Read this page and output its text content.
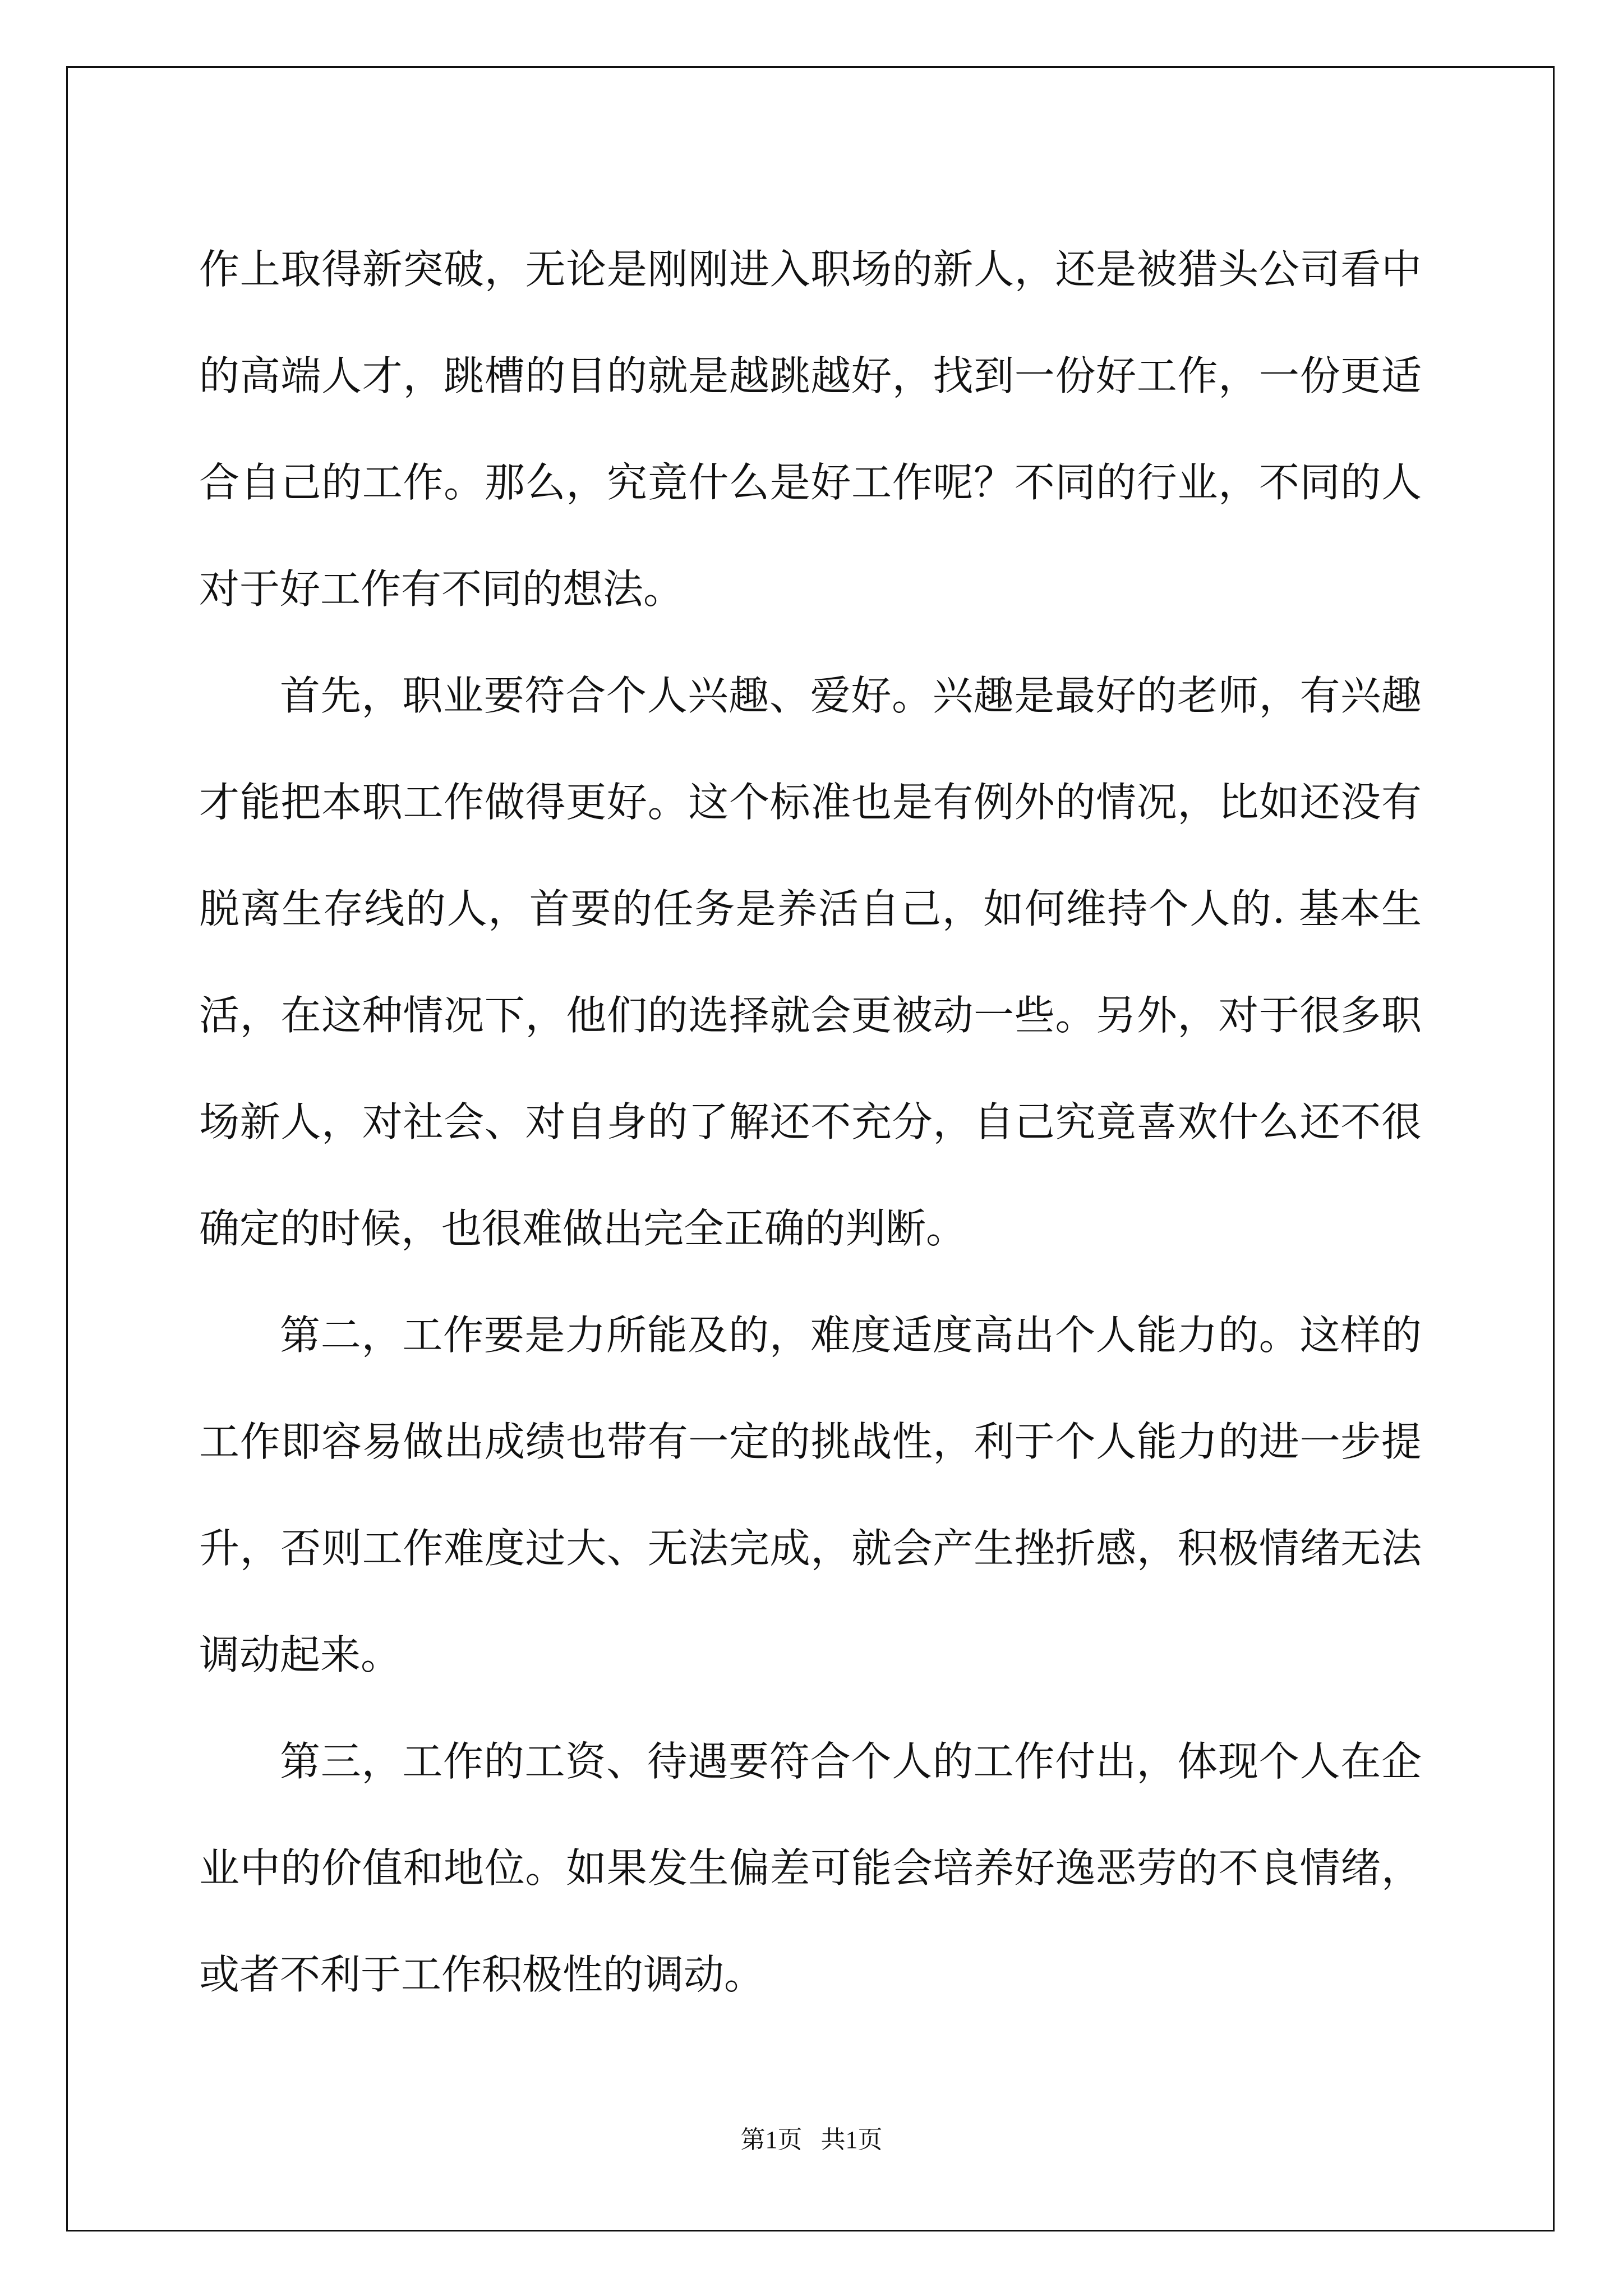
作上取得新突破，无论是刚刚进入职场的新人，还是被猎头公司看中的高端人才，跳槽的目的就是越跳越好，找到一份好工作，一份更适合自己的工作。那么，究竟什么是好工作呢？不同的行业，不同的人对于好工作有不同的想法。

首先，职业要符合个人兴趣、爱好。兴趣是最好的老师，有兴趣才能把本职工作做得更好。这个标准也是有例外的情况，比如还没有脱离生存线的人，首要的任务是养活自己，如何维持个人的. 基本生活，在这种情况下，他们的选择就会更被动一些。另外，对于很多职场新人，对社会、对自身的了解还不充分，自己究竟喜欢什么还不很确定的时候，也很难做出完全正确的判断。

第二，工作要是力所能及的，难度适度高出个人能力的。这样的工作即容易做出成绩也带有一定的挑战性，利于个人能力的进一步提升，否则工作难度过大、无法完成，就会产生挫折感，积极情绪无法调动起来。

第三，工作的工资、待遇要符合个人的工作付出，体现个人在企业中的价值和地位。如果发生偏差可能会培养好逸恶劳的不良情绪，或者不利于工作积极性的调动。

第1页   共1页
